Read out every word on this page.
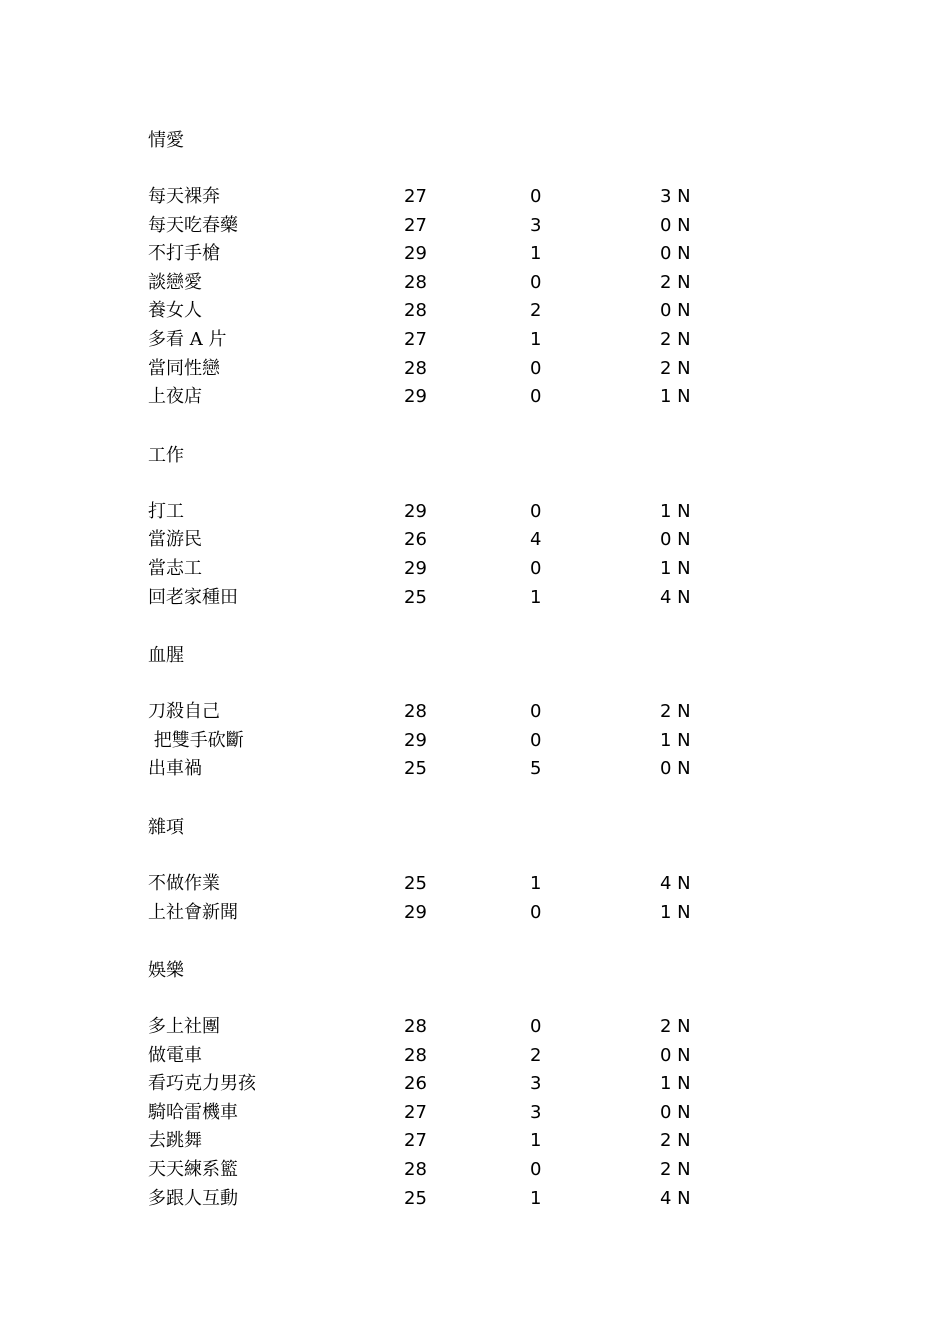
情愛
每天裸奔	27	0	3 N
每天吃春藥	27	3	0 N
不打手槍	29	1	0 N
談戀愛	28	0	2 N
養女人	28	2	0 N
多看 A 片	27	1	2 N
當同性戀	28	0	2 N
上夜店	29	0	1 N
工作
打工	29	0	1 N
當游民	26	4	0 N
當志工	29	0	1 N
回老家種田	25	1	4 N
血腥
刀殺自己	28	0	2 N
把雙手砍斷	29	0	1 N
出車禍	25	5	0 N
雜項
不做作業	25	1	4 N
上社會新聞	29	0	1 N
娛樂
多上社團	28	0	2 N
做電車	28	2	0 N
看巧克力男孩	26	3	1 N
騎哈雷機車	27	3	0 N
去跳舞	27	1	2 N
天天練系籃	28	0	2 N
多跟人互動	25	1	4 N
